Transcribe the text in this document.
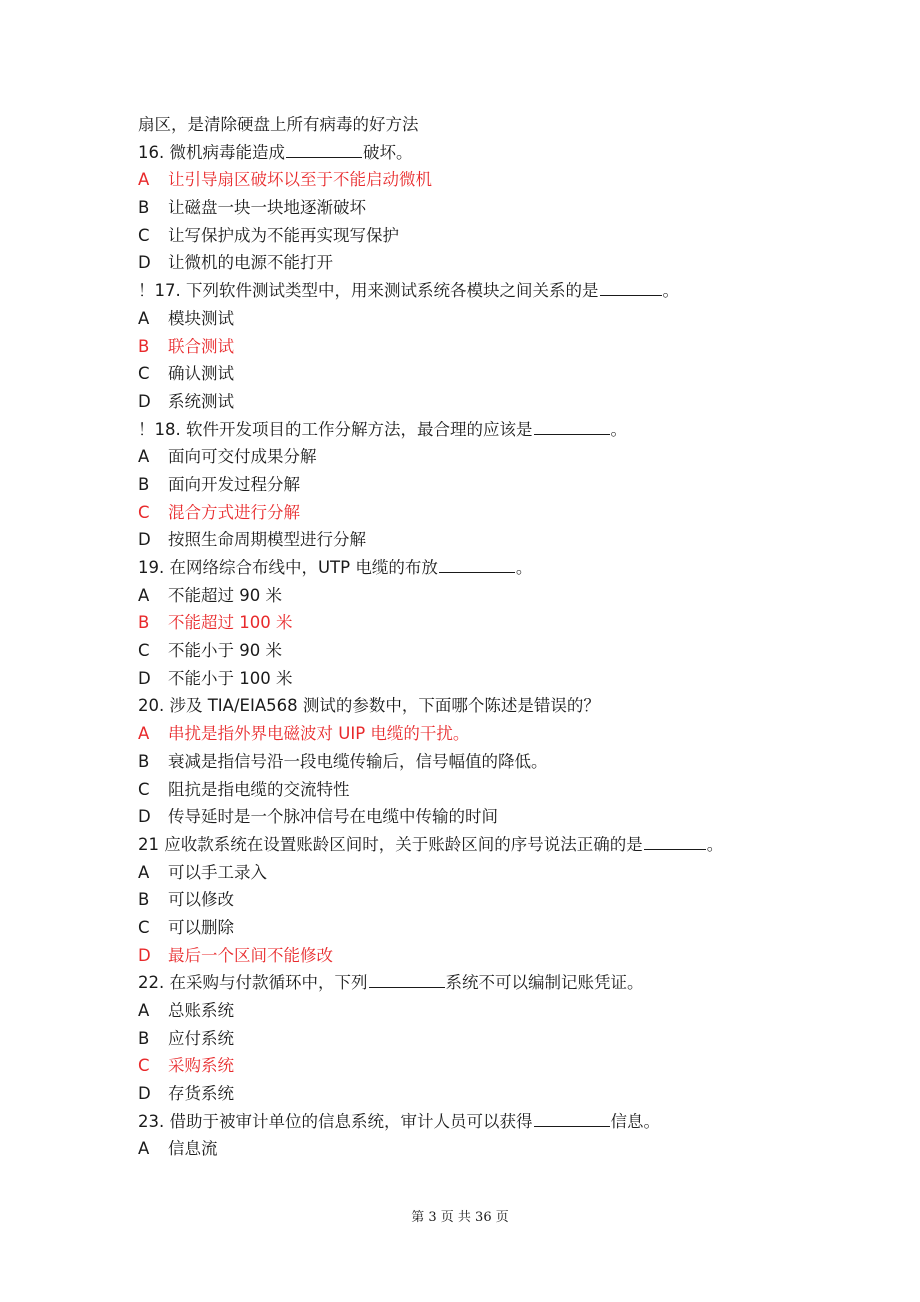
扇区，是清除硬盘上所有病毒的好方法
16. 微机病毒能造成	破坏。
A	让引导扇区破坏以至于不能启动微机
B	让磁盘一块一块地逐渐破坏
C	让写保护成为不能再实现写保护
D	让微机的电源不能打开
！17. 下列软件测试类型中，用来测试系统各模块之间关系的是	。
A	模块测试
B	联合测试
C	确认测试
D	系统测试
！18. 软件开发项目的工作分解方法，最合理的应该是	。
A	面向可交付成果分解
B	面向开发过程分解
C	混合方式进行分解
D	按照生命周期模型进行分解
19. 在网络综合布线中，UTP 电缆的布放	。
A	不能超过 90 米
B	不能超过 100 米
C	不能小于 90 米
D	不能小于 100 米
20. 涉及 TIA/EIA568 测试的参数中，下面哪个陈述是错误的？
A	串扰是指外界电磁波对 UIP 电缆的干扰。
B	衰减是指信号沿一段电缆传输后，信号幅值的降低。
C	阻抗是指电缆的交流特性
D	传导延时是一个脉冲信号在电缆中传输的时间
21 应收款系统在设置账龄区间时，关于账龄区间的序号说法正确的是	。
A	可以手工录入
B	可以修改
C	可以删除
D	最后一个区间不能修改
22. 在采购与付款循环中，下列	系统不可以编制记账凭证。
A	总账系统
B	应付系统
C	采购系统
D	存货系统
23. 借助于被审计单位的信息系统，审计人员可以获得	信息。
A	信息流
第 3 页 共 36 页
